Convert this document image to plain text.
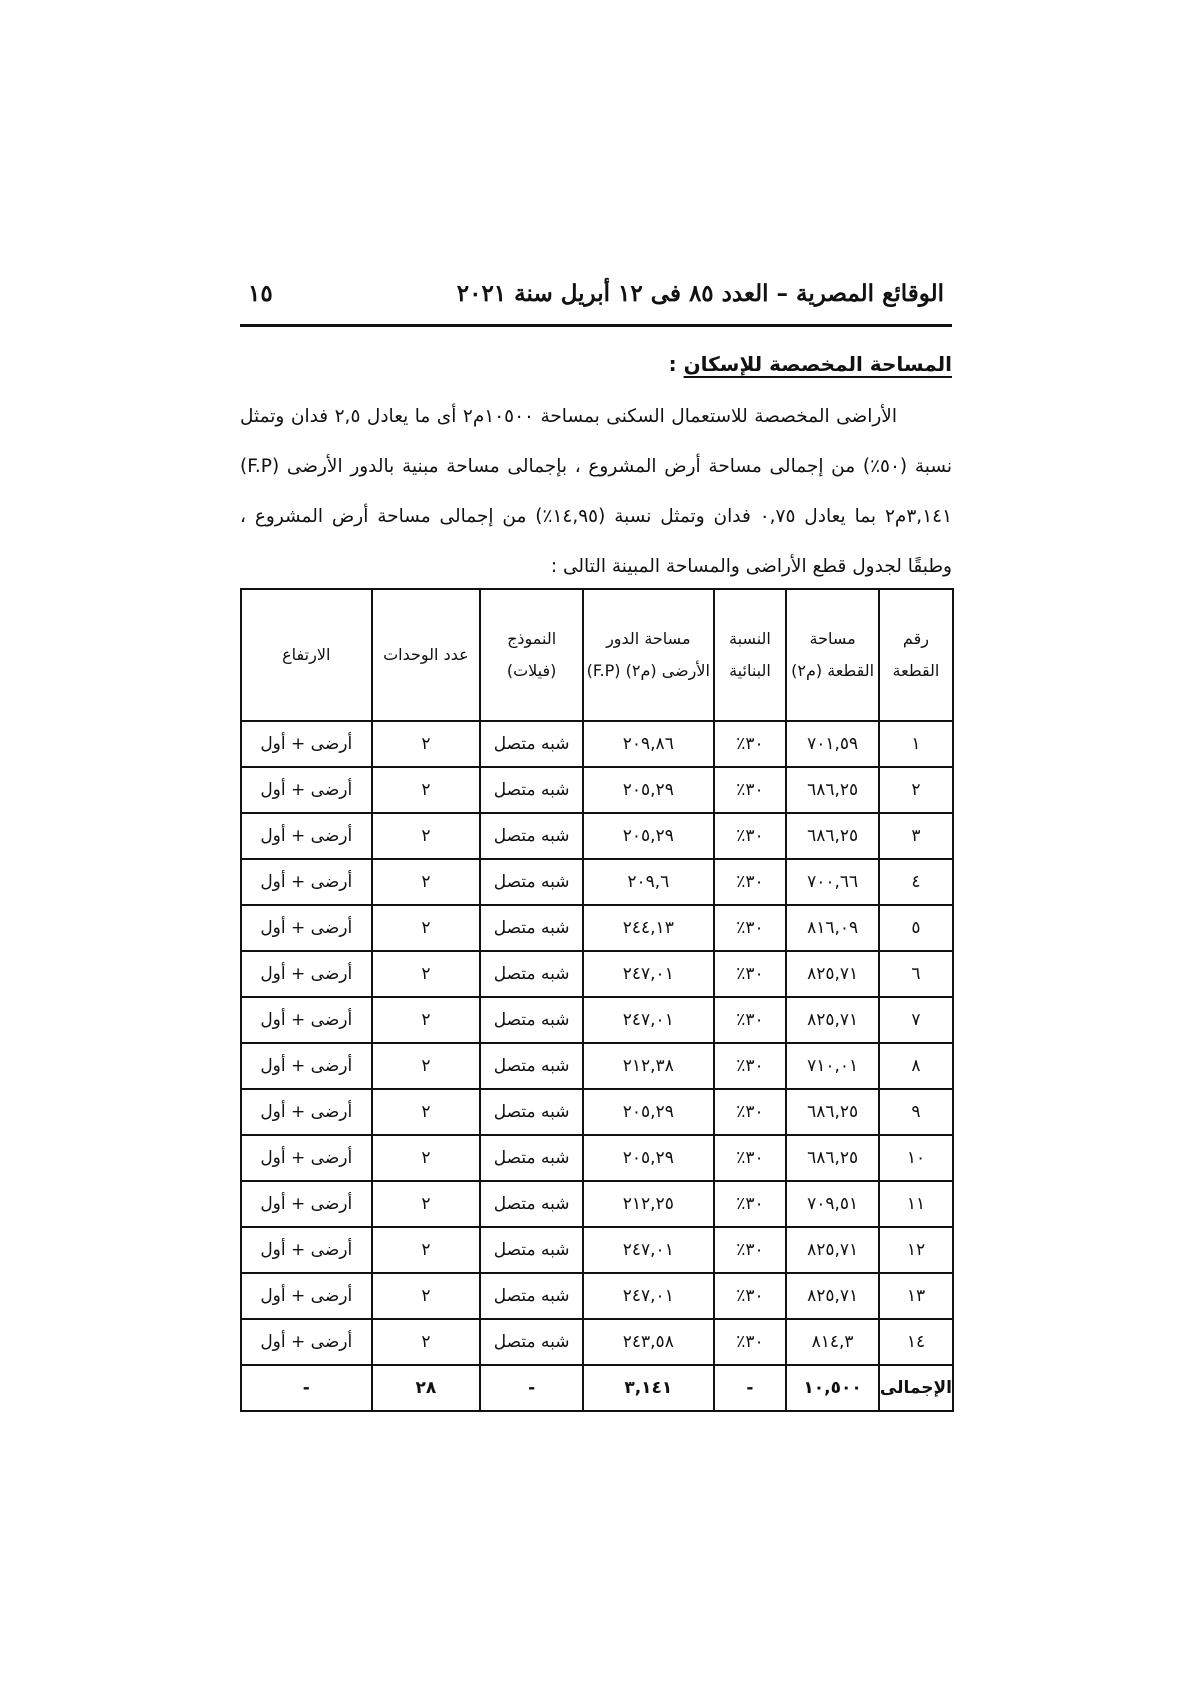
الوقائع المصرية – العدد ٨٥ فى ١٢ أبريل سنة ٢٠٢١
١٥
المساحة المخصصة للإسكان :

الأراضى المخصصة للاستعمال السكنى بمساحة ١٠٥٠٠م٢ أى ما يعادل ٢,٥ فدان وتمثل نسبة (٥٠٪) من إجمالى مساحة أرض المشروع ، بإجمالى مساحة مبنية بالدور الأرضى (F.P) ٣,١٤١م٢ بما يعادل ٠,٧٥ فدان وتمثل نسبة (١٤,٩٥٪) من إجمالى مساحة أرض المشروع ، وطبقًا لجدول قطع الأراضى والمساحة المبينة التالى :

رقم القطعة	مساحة القطعة (م٢)	النسبة البنائية	مساحة الدور الأرضى (م٢) (F.P)	النموذج (فيلات)	عدد الوحدات	الارتفاع
١	٧٠١,٥٩	٣٠٪	٢٠٩,٨٦	شبه متصل	٢	أرضى + أول
٢	٦٨٦,٢٥	٣٠٪	٢٠٥,٢٩	شبه متصل	٢	أرضى + أول
٣	٦٨٦,٢٥	٣٠٪	٢٠٥,٢٩	شبه متصل	٢	أرضى + أول
٤	٧٠٠,٦٦	٣٠٪	٢٠٩,٦	شبه متصل	٢	أرضى + أول
٥	٨١٦,٠٩	٣٠٪	٢٤٤,١٣	شبه متصل	٢	أرضى + أول
٦	٨٢٥,٧١	٣٠٪	٢٤٧,٠١	شبه متصل	٢	أرضى + أول
٧	٨٢٥,٧١	٣٠٪	٢٤٧,٠١	شبه متصل	٢	أرضى + أول
٨	٧١٠,٠١	٣٠٪	٢١٢,٣٨	شبه متصل	٢	أرضى + أول
٩	٦٨٦,٢٥	٣٠٪	٢٠٥,٢٩	شبه متصل	٢	أرضى + أول
١٠	٦٨٦,٢٥	٣٠٪	٢٠٥,٢٩	شبه متصل	٢	أرضى + أول
١١	٧٠٩,٥١	٣٠٪	٢١٢,٢٥	شبه متصل	٢	أرضى + أول
١٢	٨٢٥,٧١	٣٠٪	٢٤٧,٠١	شبه متصل	٢	أرضى + أول
١٣	٨٢٥,٧١	٣٠٪	٢٤٧,٠١	شبه متصل	٢	أرضى + أول
١٤	٨١٤,٣	٣٠٪	٢٤٣,٥٨	شبه متصل	٢	أرضى + أول
الإجمالى	١٠,٥٠٠	-	٣,١٤١	-	٢٨	-
